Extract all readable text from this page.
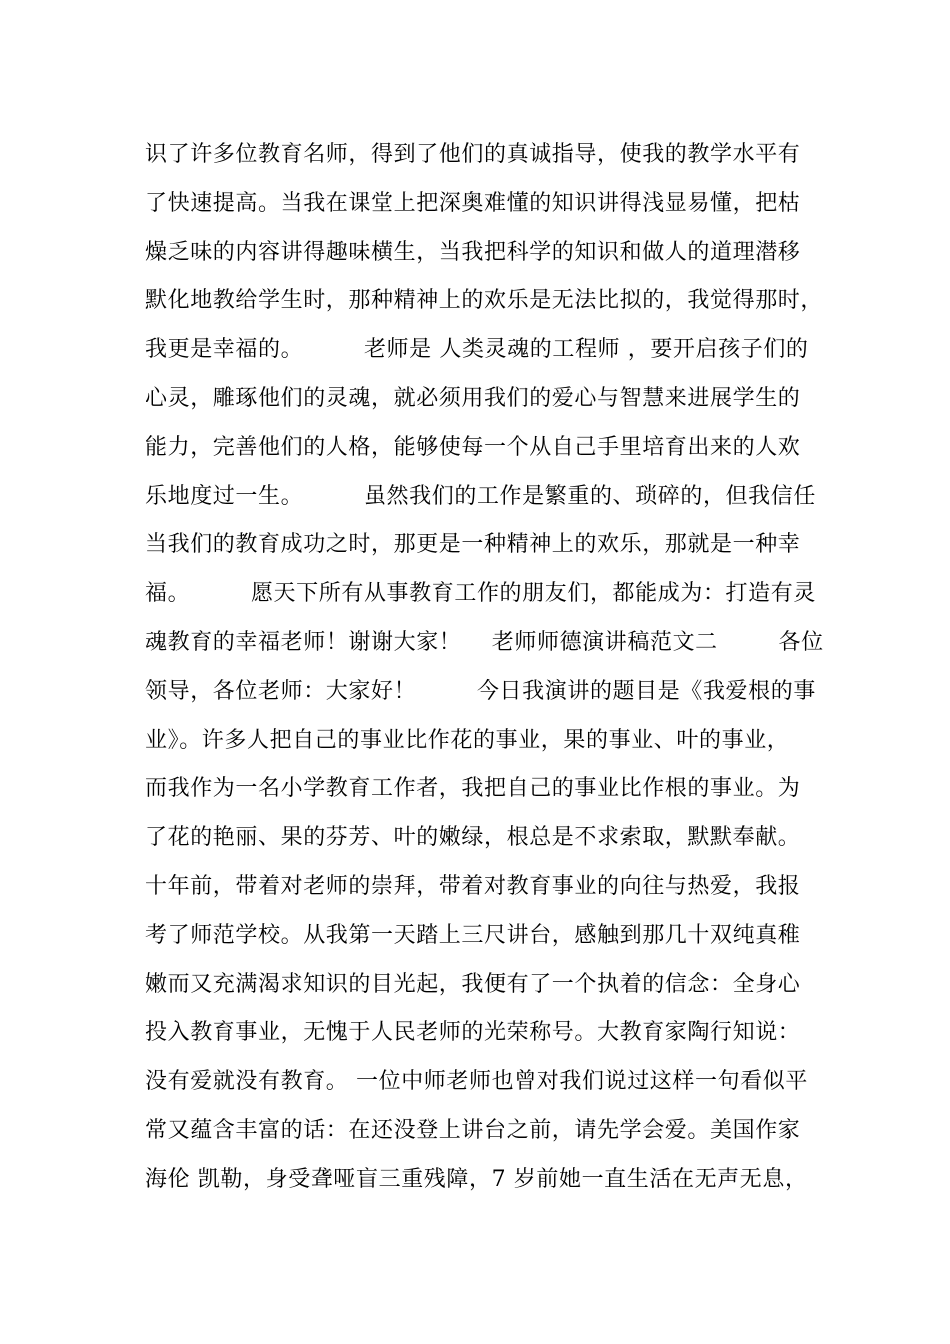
识了许多位教育名师，得到了他们的真诚指导，使我的教学水平有
了快速提高。当我在课堂上把深奥难懂的知识讲得浅显易懂，把枯
燥乏味的内容讲得趣味横生，当我把科学的知识和做人的道理潜移
默化地教给学生时，那种精神上的欢乐是无法比拟的，我觉得那时，
我更是幸福的。        老师是 人类灵魂的工程师 ，要开启孩子们的
心灵，雕琢他们的灵魂，就必须用我们的爱心与智慧来进展学生的
能力，完善他们的人格，能够使每一个从自己手里培育出来的人欢
乐地度过一生。        虽然我们的工作是繁重的、琐碎的，但我信任
当我们的教育成功之时，那更是一种精神上的欢乐，那就是一种幸
福。        愿天下所有从事教育工作的朋友们，都能成为：打造有灵
魂教育的幸福老师！谢谢大家！    老师师德演讲稿范文二        各位
领导，各位老师：大家好！        今日我演讲的题目是《我爱根的事
业》。许多人把自己的事业比作花的事业，果的事业、叶的事业，
而我作为一名小学教育工作者，我把自己的事业比作根的事业。为
了花的艳丽、果的芬芳、叶的嫩绿，根总是不求索取，默默奉献。
十年前，带着对老师的崇拜，带着对教育事业的向往与热爱，我报
考了师范学校。从我第一天踏上三尺讲台，感触到那几十双纯真稚
嫩而又充满渴求知识的目光起，我便有了一个执着的信念：全身心
投入教育事业，无愧于人民老师的光荣称号。大教育家陶行知说：
没有爱就没有教育。 一位中师老师也曾对我们说过这样一句看似平
常又蕴含丰富的话：在还没登上讲台之前，请先学会爱。美国作家
海伦 凯勒，身受聋哑盲三重残障，7 岁前她一直生活在无声无息，
